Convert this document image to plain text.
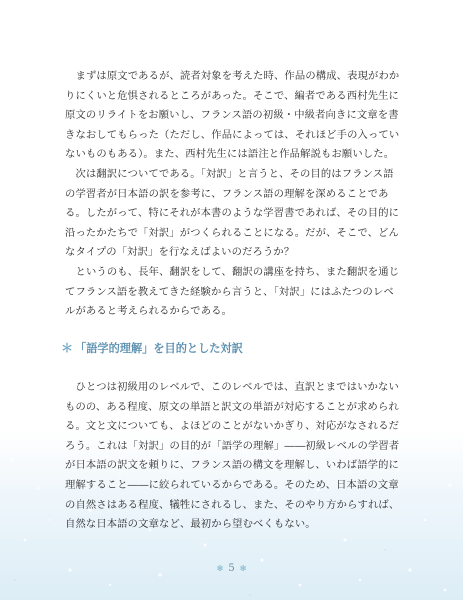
まずは原文であるが、読者対象を考えた時、作品の構成、表現がわかりにくいと危惧されるところがあった。そこで、編者である西村先生に原文のリライトをお願いし、フランス語の初級・中級者向きに文章を書きなおしてもらった（ただし、作品によっては、それほど手の入っていないものもある）。また、西村先生には語注と作品解説もお願いした。

次は翻訳についてである。「対訳」と言うと、その目的はフランス語の学習者が日本語の訳を参考に、フランス語の理解を深めることである。したがって、特にそれが本書のような学習書であれば、その目的に沿ったかたちで「対訳」がつくられることになる。だが、そこで、どんなタイプの「対訳」を行なえばよいのだろうか？

というのも、長年、翻訳をして、翻訳の講座を持ち、また翻訳を通じてフランス語を教えてきた経験から言うと、「対訳」にはふたつのレベルがあると考えられるからである。

＊ 「語学的理解」を目的とした対訳

ひとつは初級用のレベルで、このレベルでは、直訳とまではいかないものの、ある程度、原文の単語と訳文の単語が対応することが求められる。文と文についても、よほどのことがないかぎり、対応がなされるだろう。これは「対訳」の目的が「語学の理解」――初級レベルの学習者が日本語の訳文を頼りに、フランス語の構文を理解し、いわば語学的に理解すること――に絞られているからである。そのため、日本語の文章の自然さはある程度、犠牲にされるし、また、そのやり方からすれば、自然な日本語の文章など、最初から望むべくもない。

✻ 5 ✻
